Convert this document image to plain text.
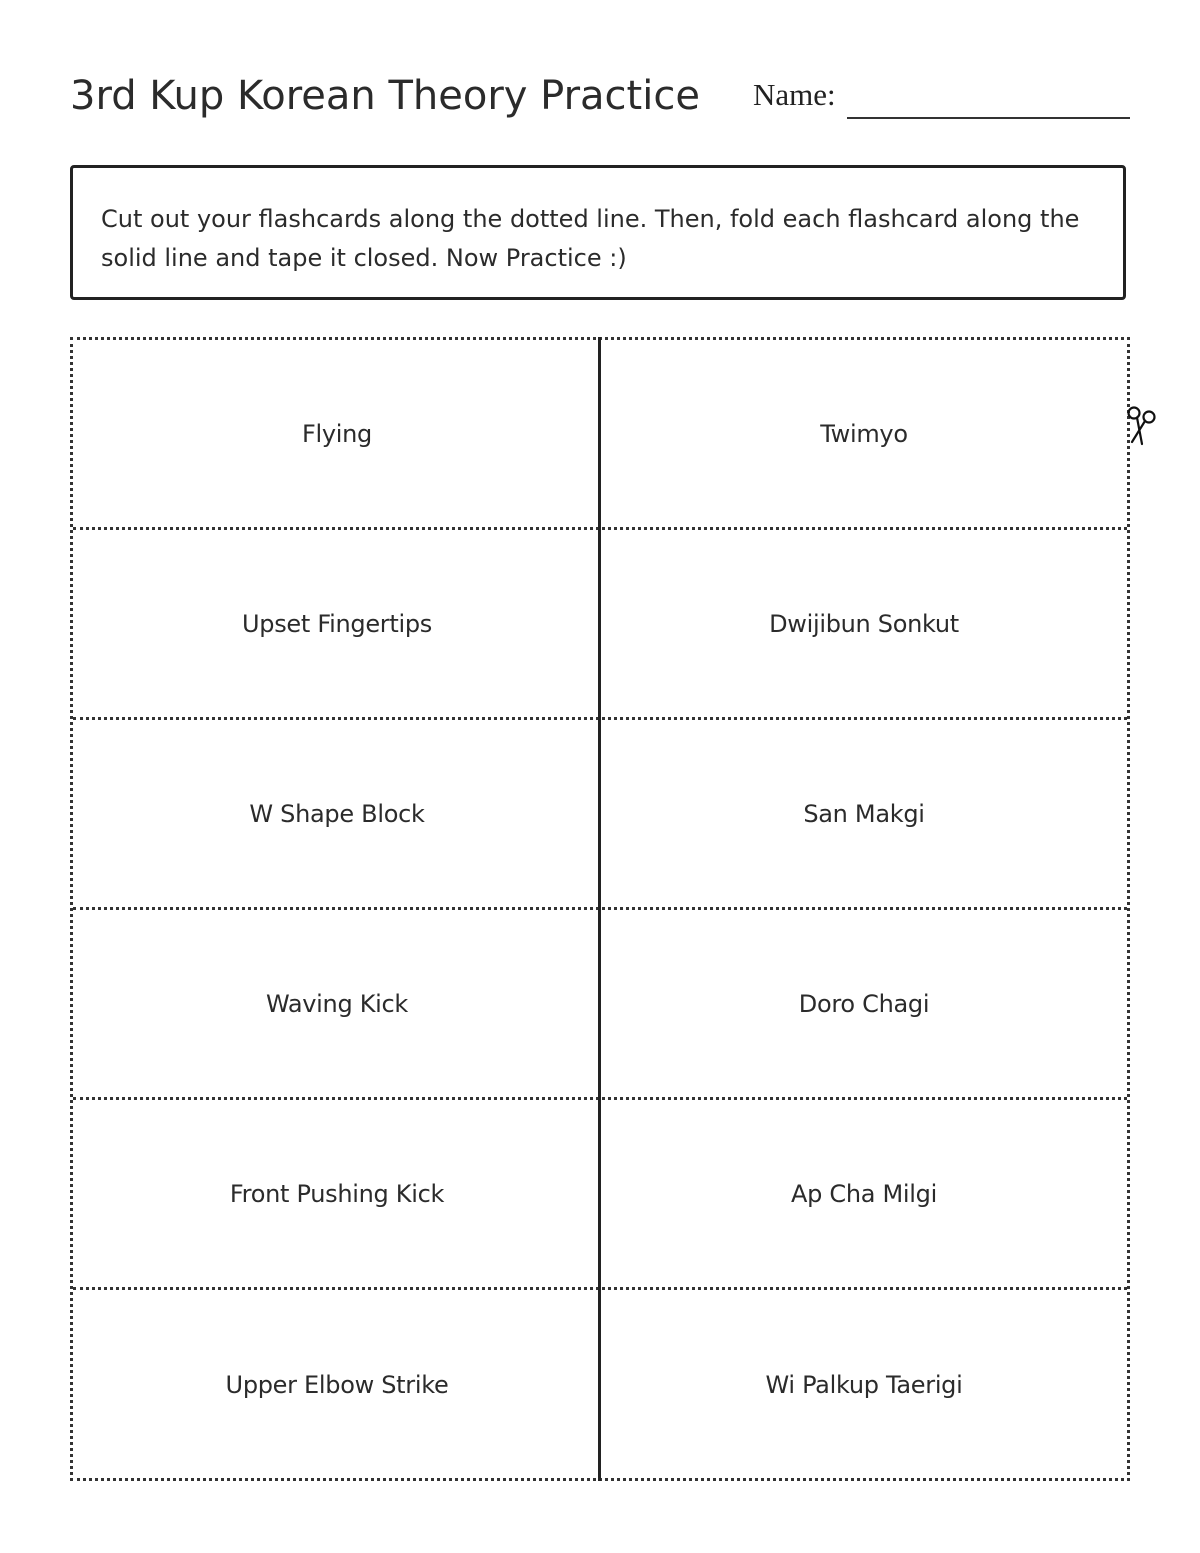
3rd Kup Korean Theory Practice Name:
Cut out your flashcards along the dotted line. Then, fold each flashcard along the solid line and tape it closed. Now Practice :)
Flying	Twimyo
Upset Fingertips	Dwijibun Sonkut
W Shape Block	San Makgi
Waving Kick	Doro Chagi
Front Pushing Kick	Ap Cha Milgi
Upper Elbow Strike	Wi Palkup Taerigi
